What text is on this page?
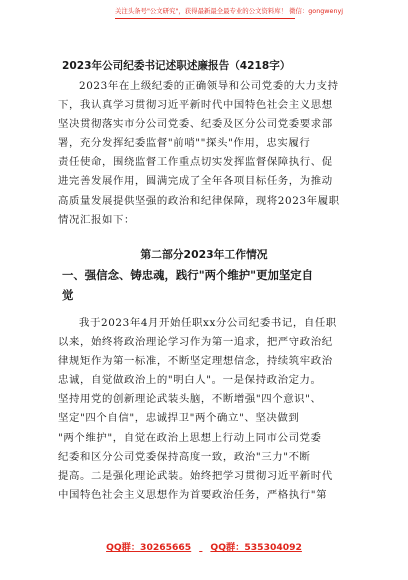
关注头条号"公文研究"，获得最新最全最专业的公文资料库！ 微信：gongwenyj
2023年公司纪委书记述职述廉报告（4218字）
2023年在上级纪委的正确领导和公司党委的大力支持
下，我认真学习贯彻习近平新时代中国特色社会主义思想
坚决贯彻落实市分公司党委、纪委及区分公司党委要求部
署，充分发挥纪委监督"前哨""探头"作用，忠实履行
责任使命，围绕监督工作重点切实发挥监督保障执行、促
进完善发展作用，圆满完成了全年各项目标任务，为推动
高质量发展提供坚强的政治和纪律保障，现将2023年履职
情况汇报如下：
第二部分2023年工作情况
一、强信念、铸忠魂，践行"两个维护"更加坚定自
觉
我于2023年4月开始任职xx分公司纪委书记，自任职
以来，始终将政治理论学习作为第一追求，把严守政治纪
律规矩作为第一标准，不断坚定理想信念，持续筑牢政治
忠诚，自觉做政治上的"明白人"。一是保持政治定力。
坚持用党的创新理论武装头脑，不断增强"四个意识"、
坚定"四个自信"，忠诚捍卫"两个确立"、坚决做到
"两个维护"，自觉在政治上思想上行动上同市公司党委
纪委和区分公司党委保持高度一致，政治"三力"不断
提高。二是强化理论武装。始终把学习贯彻习近平新时代
中国特色社会主义思想作为首要政治任务，严格执行"第
QQ群：30265665 QQ群：535304092
